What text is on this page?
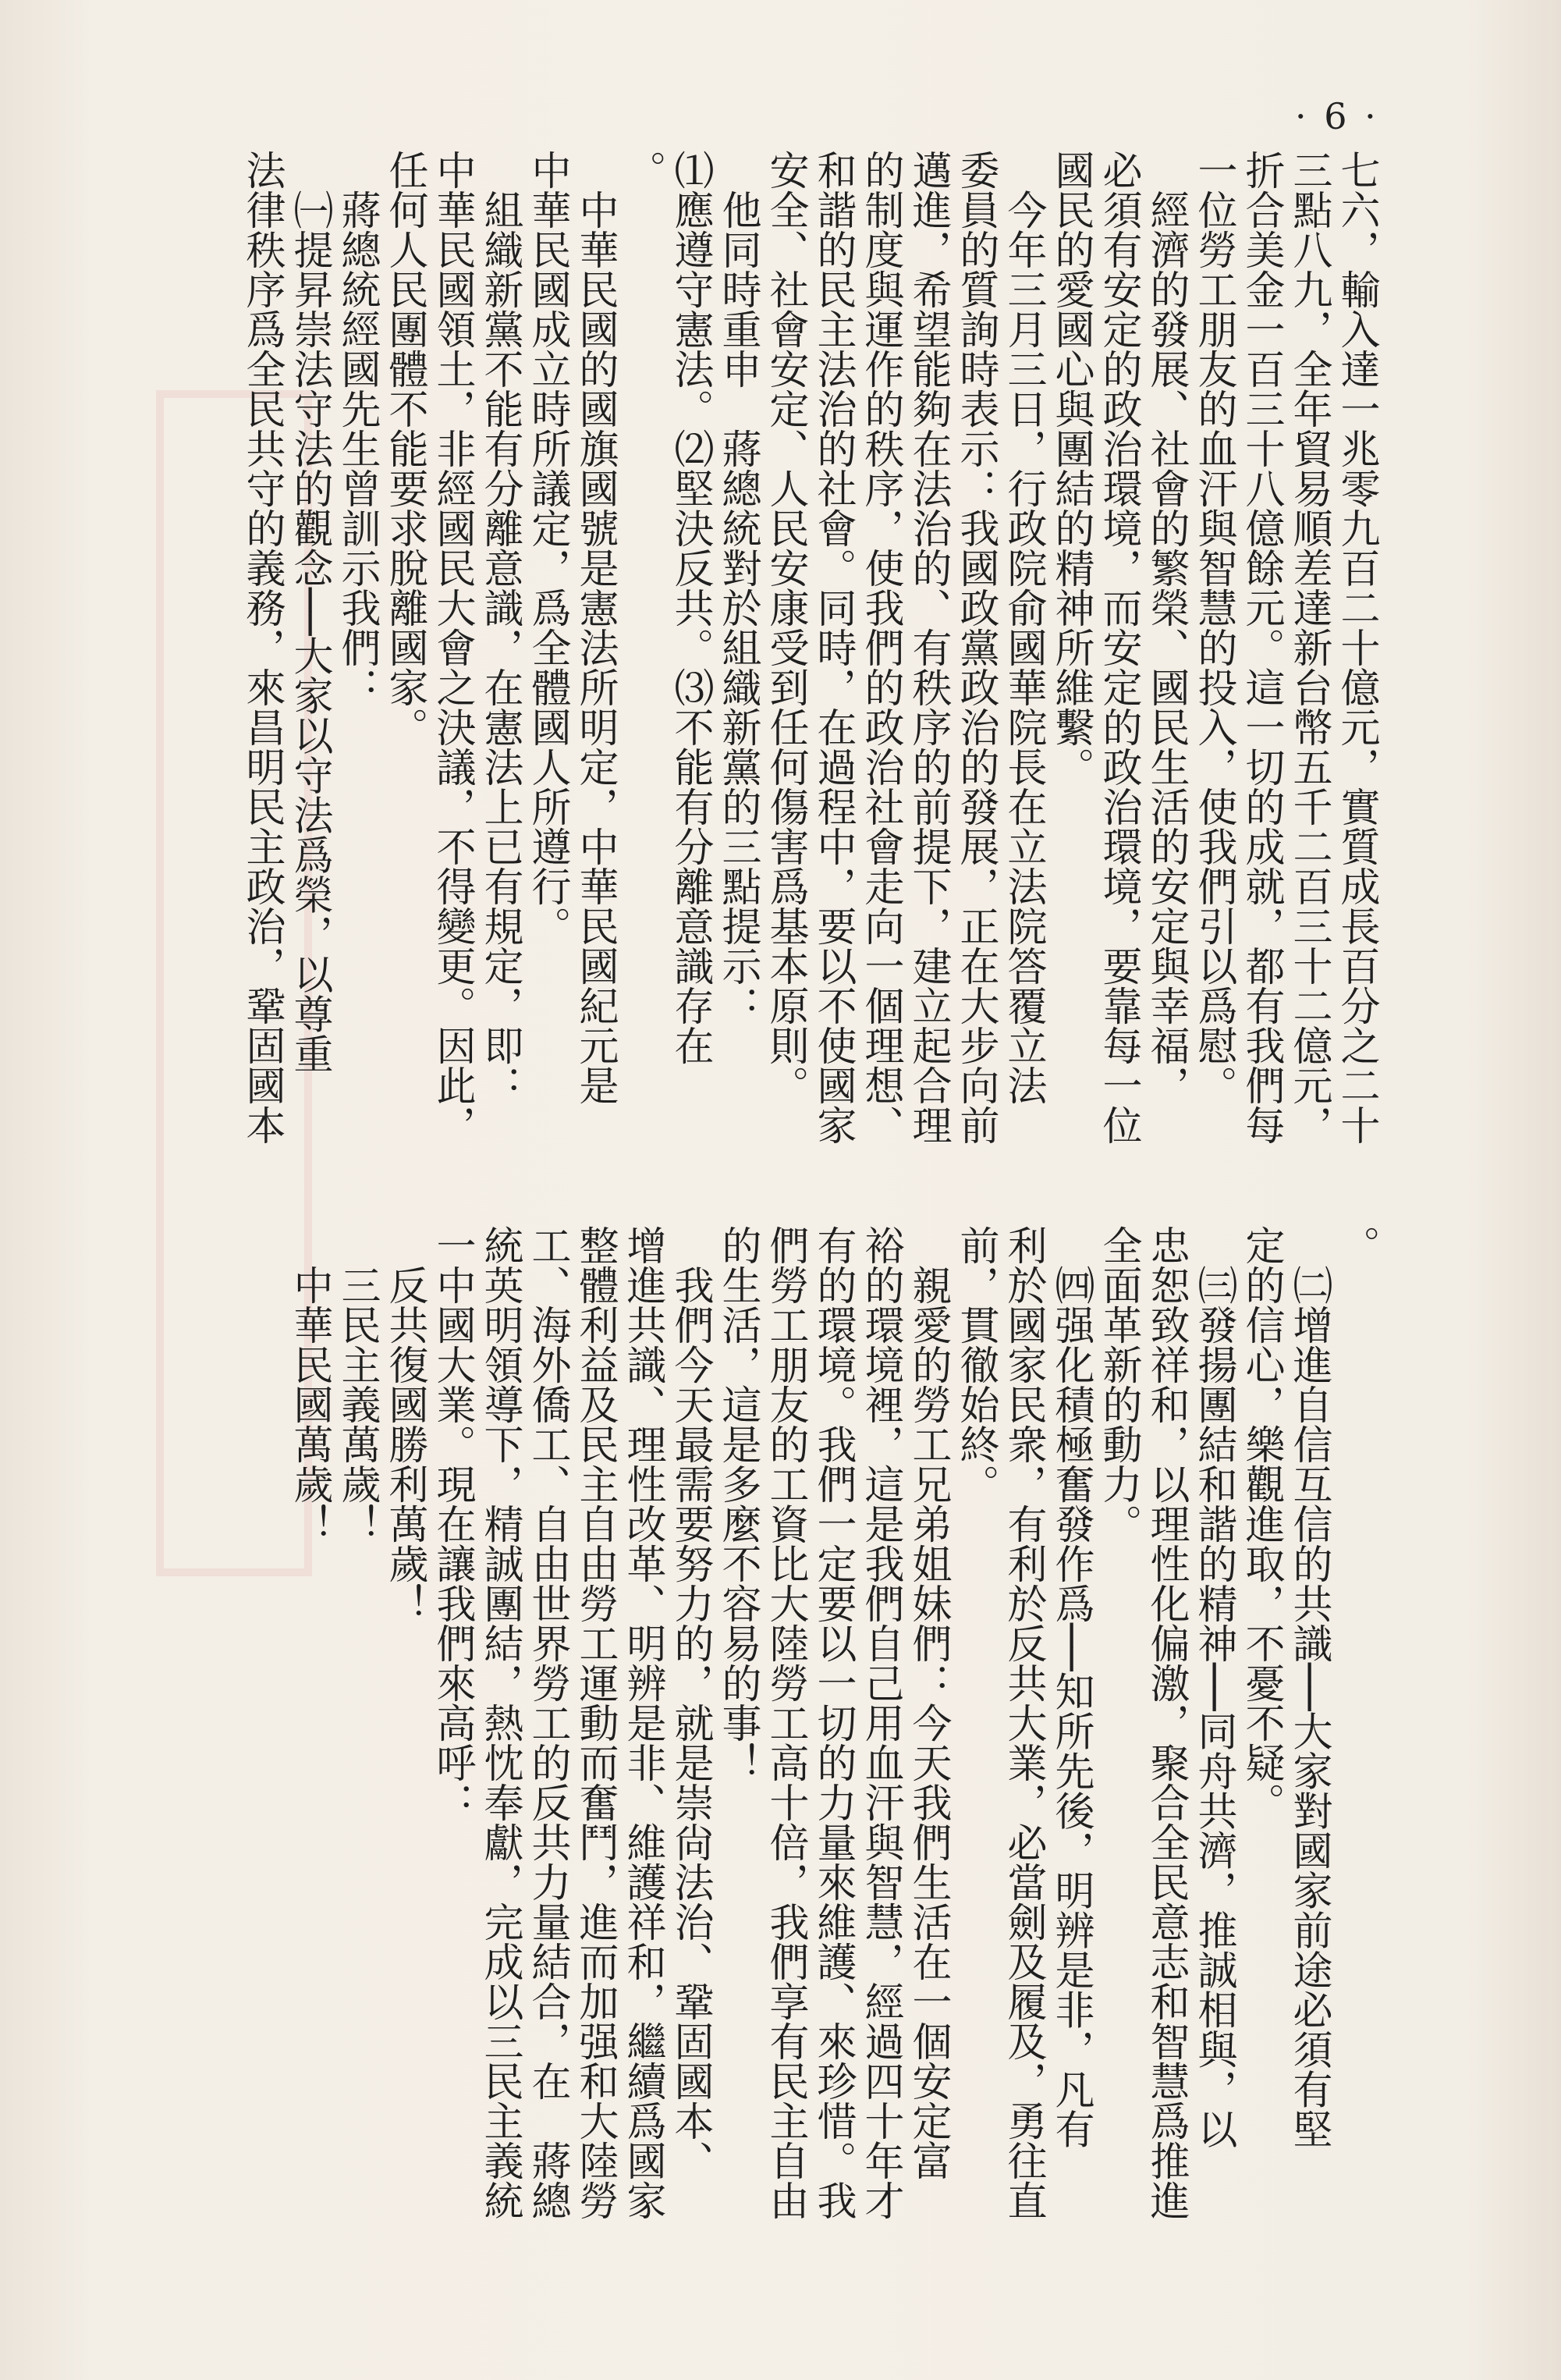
· 6 ·
七六，輸入達一兆零九百二十億元，實質成長百分之二十
三點八九，全年貿易順差達新台幣五千二百三十二億元，
折合美金一百三十八億餘元。這一切的成就，都有我們每
一位勞工朋友的血汗與智慧的投入，使我們引以爲慰。
　經濟的發展、社會的繁榮、國民生活的安定與幸福，
必須有安定的政治環境，而安定的政治環境，要靠每一位
國民的愛國心與團結的精神所維繫。
　今年三月三日，行政院俞國華院長在立法院答覆立法
委員的質詢時表示：我國政黨政治的發展，正在大步向前
邁進，希望能夠在法治的、有秩序的前提下，建立起合理
的制度與運作的秩序，使我們的政治社會走向一個理想、
和諧的民主法治的社會。同時，在過程中，要以不使國家
安全、社會安定、人民安康受到任何傷害爲基本原則。
　他同時重申　蔣總統對於組織新黨的三點提示：
⑴應遵守憲法。⑵堅決反共。⑶不能有分離意識存在
。
　中華民國的國旗國號是憲法所明定，中華民國紀元是
中華民國成立時所議定，爲全體國人所遵行。
　組織新黨不能有分離意識，在憲法上已有規定，即：
中華民國領土，非經國民大會之決議，不得變更。因此，
任何人民團體不能要求脫離國家。
　蔣總統經國先生曾訓示我們：
　㈠提昇崇法守法的觀念──大家以守法爲榮，以尊重
法律秩序爲全民共守的義務，來昌明民主政治，鞏固國本
。
　㈡增進自信互信的共識──大家對國家前途必須有堅
定的信心，樂觀進取，不憂不疑。
　㈢發揚團結和諧的精神──同舟共濟，推誠相與，以
忠恕致祥和，以理性化偏激，聚合全民意志和智慧爲推進
全面革新的動力。
　㈣强化積極奮發作爲──知所先後，明辨是非，凡有
利於國家民衆，有利於反共大業，必當劍及履及，勇往直
前，貫徹始終。
　親愛的勞工兄弟姐妹們：今天我們生活在一個安定富
裕的環境裡，這是我們自己用血汗與智慧，經過四十年才
有的環境。我們一定要以一切的力量來維護、來珍惜。我
們勞工朋友的工資比大陸勞工高十倍，我們享有民主自由
的生活，這是多麼不容易的事！
　我們今天最需要努力的，就是崇尙法治、鞏固國本、
增進共識、理性改革、明辨是非、維護祥和，繼續爲國家
整體利益及民主自由勞工運動而奮鬥，進而加强和大陸勞
工、海外僑工、自由世界勞工的反共力量結合，在　蔣總
統英明領導下，精誠團結，熱忱奉獻，完成以三民主義統
一中國大業。現在讓我們來高呼：
　反共復國勝利萬歲！
　三民主義萬歲！
　中華民國萬歲！
